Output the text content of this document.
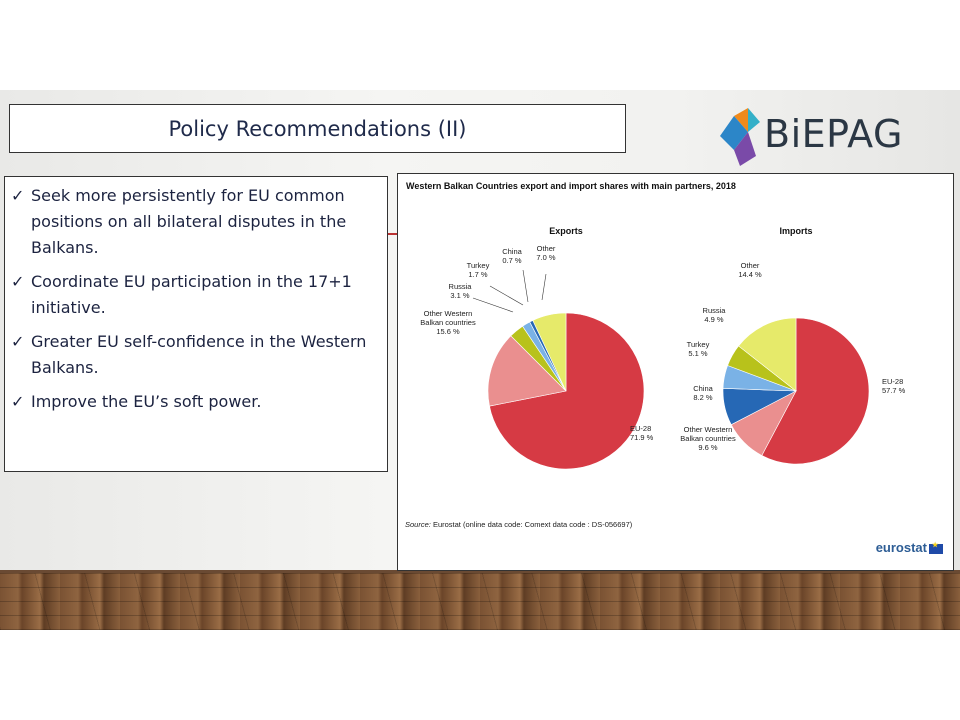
Policy Recommendations (II)	BiEPAG
✓ Seek more persistently for EU common positions on all bilateral disputes in the Balkans.
✓ Coordinate EU participation in the 17+1 initiative.
✓ Greater EU self-confidence in the Western Balkans.
✓ Improve the EU’s soft power.
Western Balkan Countries export and import shares with main partners, 2018
Exports
EU-28 71.9 %
Other Western Balkan countries 15.6 %
Russia 3.1 %
Turkey 1.7 %
China 0.7 %
Other 7.0 %
Imports
EU-28 57.7 %
Other Western Balkan countries 9.6 %
China 8.2 %
Turkey 5.1 %
Russia 4.9 %
Other 14.4 %
Source: Eurostat (online data code: Comext data code : DS-056697)
eurostat★
